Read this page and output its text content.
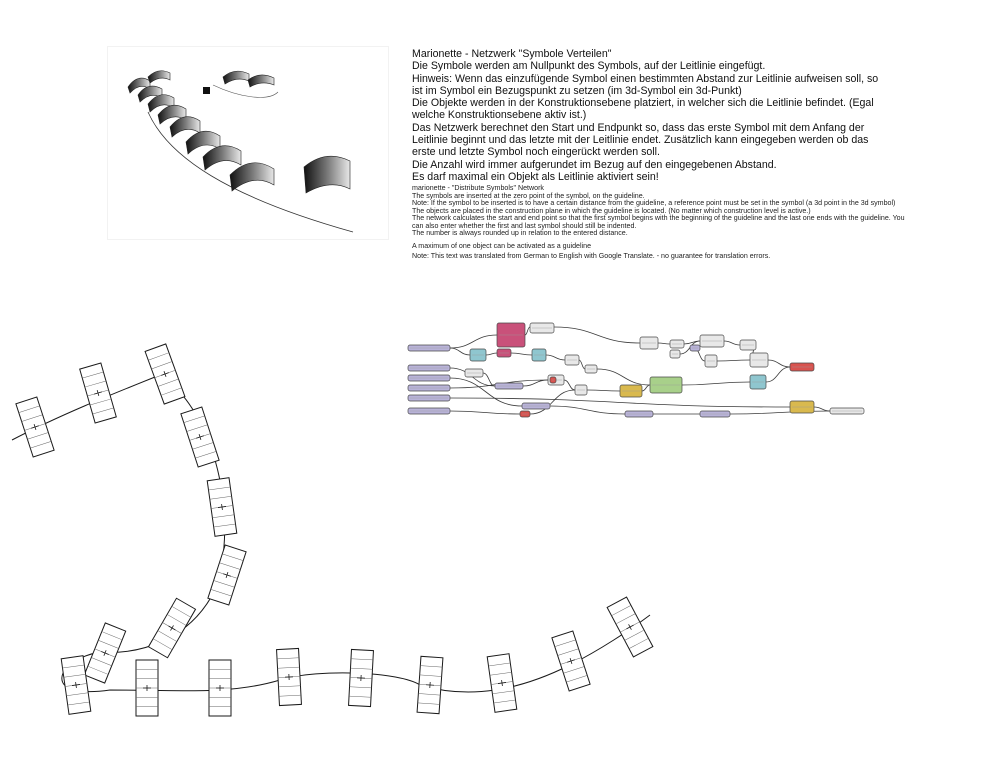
Marionette - Netzwerk "Symbole Verteilen"
Die Symbole werden am Nullpunkt des Symbols, auf der Leitlinie eingefügt.
Hinweis: Wenn das einzufügende Symbol einen bestimmten Abstand zur Leitlinie aufweisen soll, so ist im Symbol ein Bezugspunkt zu setzen (im 3d-Symbol ein 3d-Punkt)
Die Objekte werden in der Konstruktionsebene platziert, in welcher sich die Leitlinie befindet. (Egal welche Konstruktionsebene aktiv ist.)
Das Netzwerk berechnet den Start und Endpunkt so, dass das erste Symbol mit dem Anfang der Leitlinie beginnt und das letzte mit der Leitlinie endet. Zusätzlich kann eingegeben werden ob das erste und letzte Symbol noch eingerückt werden soll.
Die Anzahl wird immer aufgerundet im Bezug auf den eingegebenen Abstand.
Es darf maximal ein Objekt als Leitlinie aktiviert sein!
marionette - "Distribute Symbols" Network
The symbols are inserted at the zero point of the symbol, on the guideline.
Note: If the symbol to be inserted is to have a certain distance from the guideline, a reference point must be set in the symbol (a 3d point in the 3d symbol)
The objects are placed in the construction plane in which the guideline is located. (No matter which construction level is active.)
The network calculates the start and end point so that the first symbol begins with the beginning of the guideline and the last one ends with the guideline. You can also enter whether the first and last symbol should still be indented.
The number is always rounded up in relation to the entered distance.
A maximum of one object can be activated as a guideline
Note: This text was translated from German to English with Google Translate. - no guarantee for translation errors.
